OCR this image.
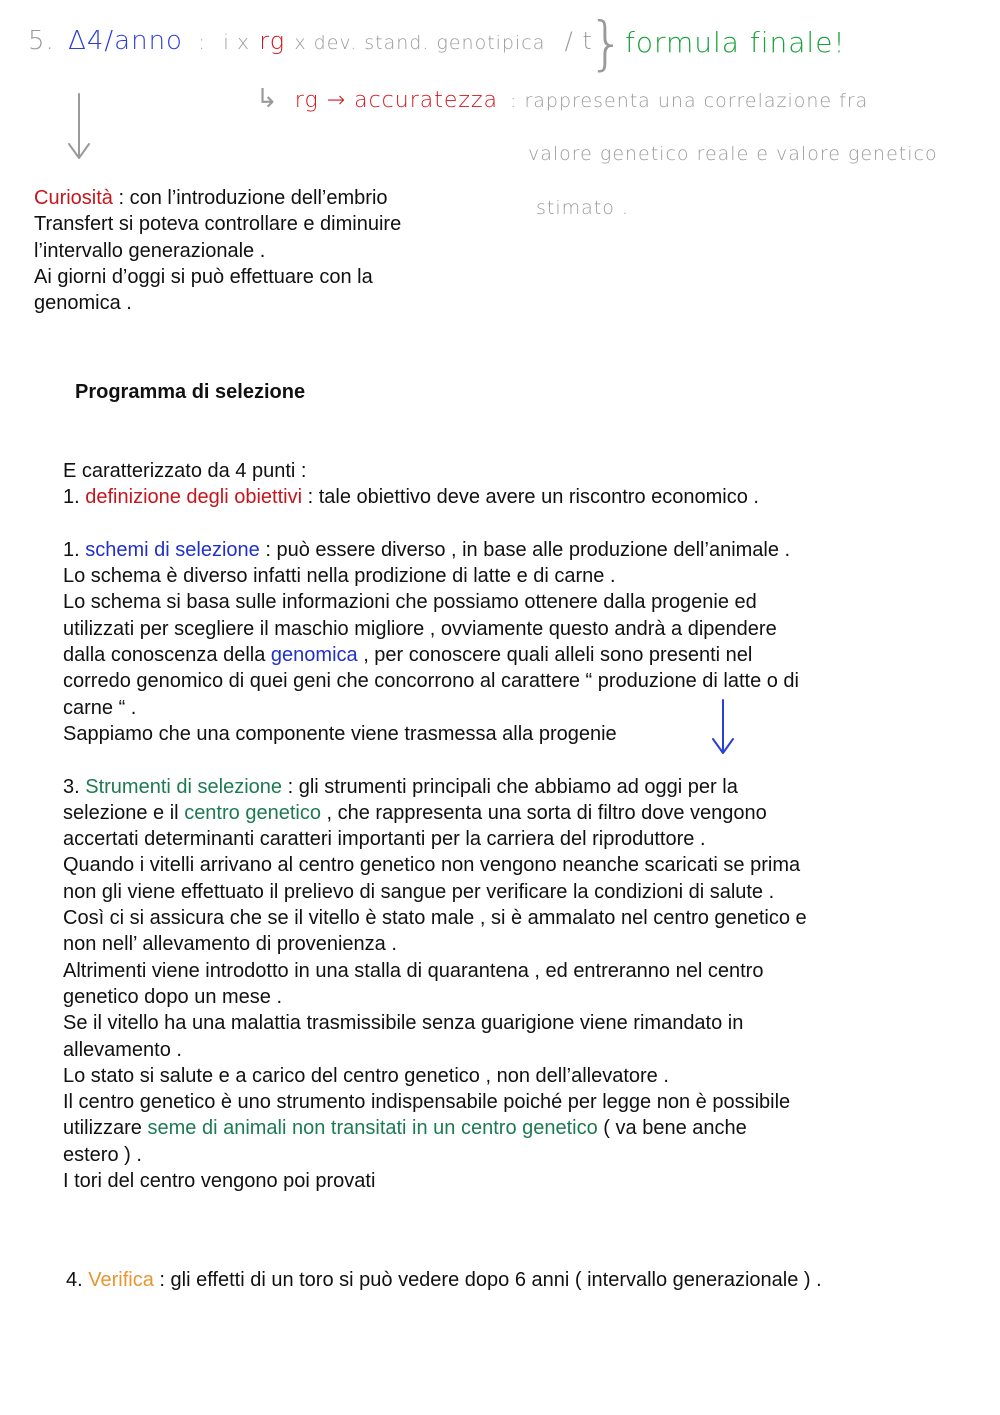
5. Δ4/anno : i x rg x dev. stand. genotipica / t
} formula finale!
↳ rg → accuratezza : rappresenta una correlazione fra
valore genetico reale e valore genetico
stimato .
Curiosità : con l’introduzione dell’embrio
Transfert si poteva controllare e diminuire
l’intervallo generazionale .
Ai giorni d’oggi si può effettuare con la
genomica .
Programma di selezione
E caratterizzato da 4 punti :
1. definizione degli obiettivi : tale obiettivo deve avere un riscontro economico .
1. schemi di selezione : può essere diverso , in base alle produzione dell’animale .
Lo schema è diverso infatti nella prodizione di latte e di carne .
Lo schema si basa sulle informazioni che possiamo ottenere dalla progenie ed
utilizzati per scegliere il maschio migliore , ovviamente questo andrà a dipendere
dalla conoscenza della genomica , per conoscere quali alleli sono presenti nel
corredo genomico di quei geni che concorrono al carattere “ produzione di latte o di
carne “ .
Sappiamo che una componente viene trasmessa alla progenie
3. Strumenti di selezione : gli strumenti principali che abbiamo ad oggi per la
selezione e il centro genetico , che rappresenta una sorta di filtro dove vengono
accertati determinanti caratteri importanti per la carriera del riproduttore .
Quando i vitelli arrivano al centro genetico non vengono neanche scaricati se prima
non gli viene effettuato il prelievo di sangue per verificare la condizioni di salute .
Così ci si assicura che se il vitello è stato male , si è ammalato nel centro genetico e
non nell’ allevamento di provenienza .
Altrimenti viene introdotto in una stalla di quarantena , ed entreranno nel centro
genetico dopo un mese .
Se il vitello ha una malattia trasmissibile senza guarigione viene rimandato in
allevamento .
Lo stato si salute e a carico del centro genetico , non dell’allevatore .
Il centro genetico è uno strumento indispensabile poiché per legge non è possibile
utilizzare seme di animali non transitati in un centro genetico ( va bene anche
estero ) .
I tori del centro vengono poi provati
4. Verifica : gli effetti di un toro si può vedere dopo 6 anni ( intervallo generazionale ) .
